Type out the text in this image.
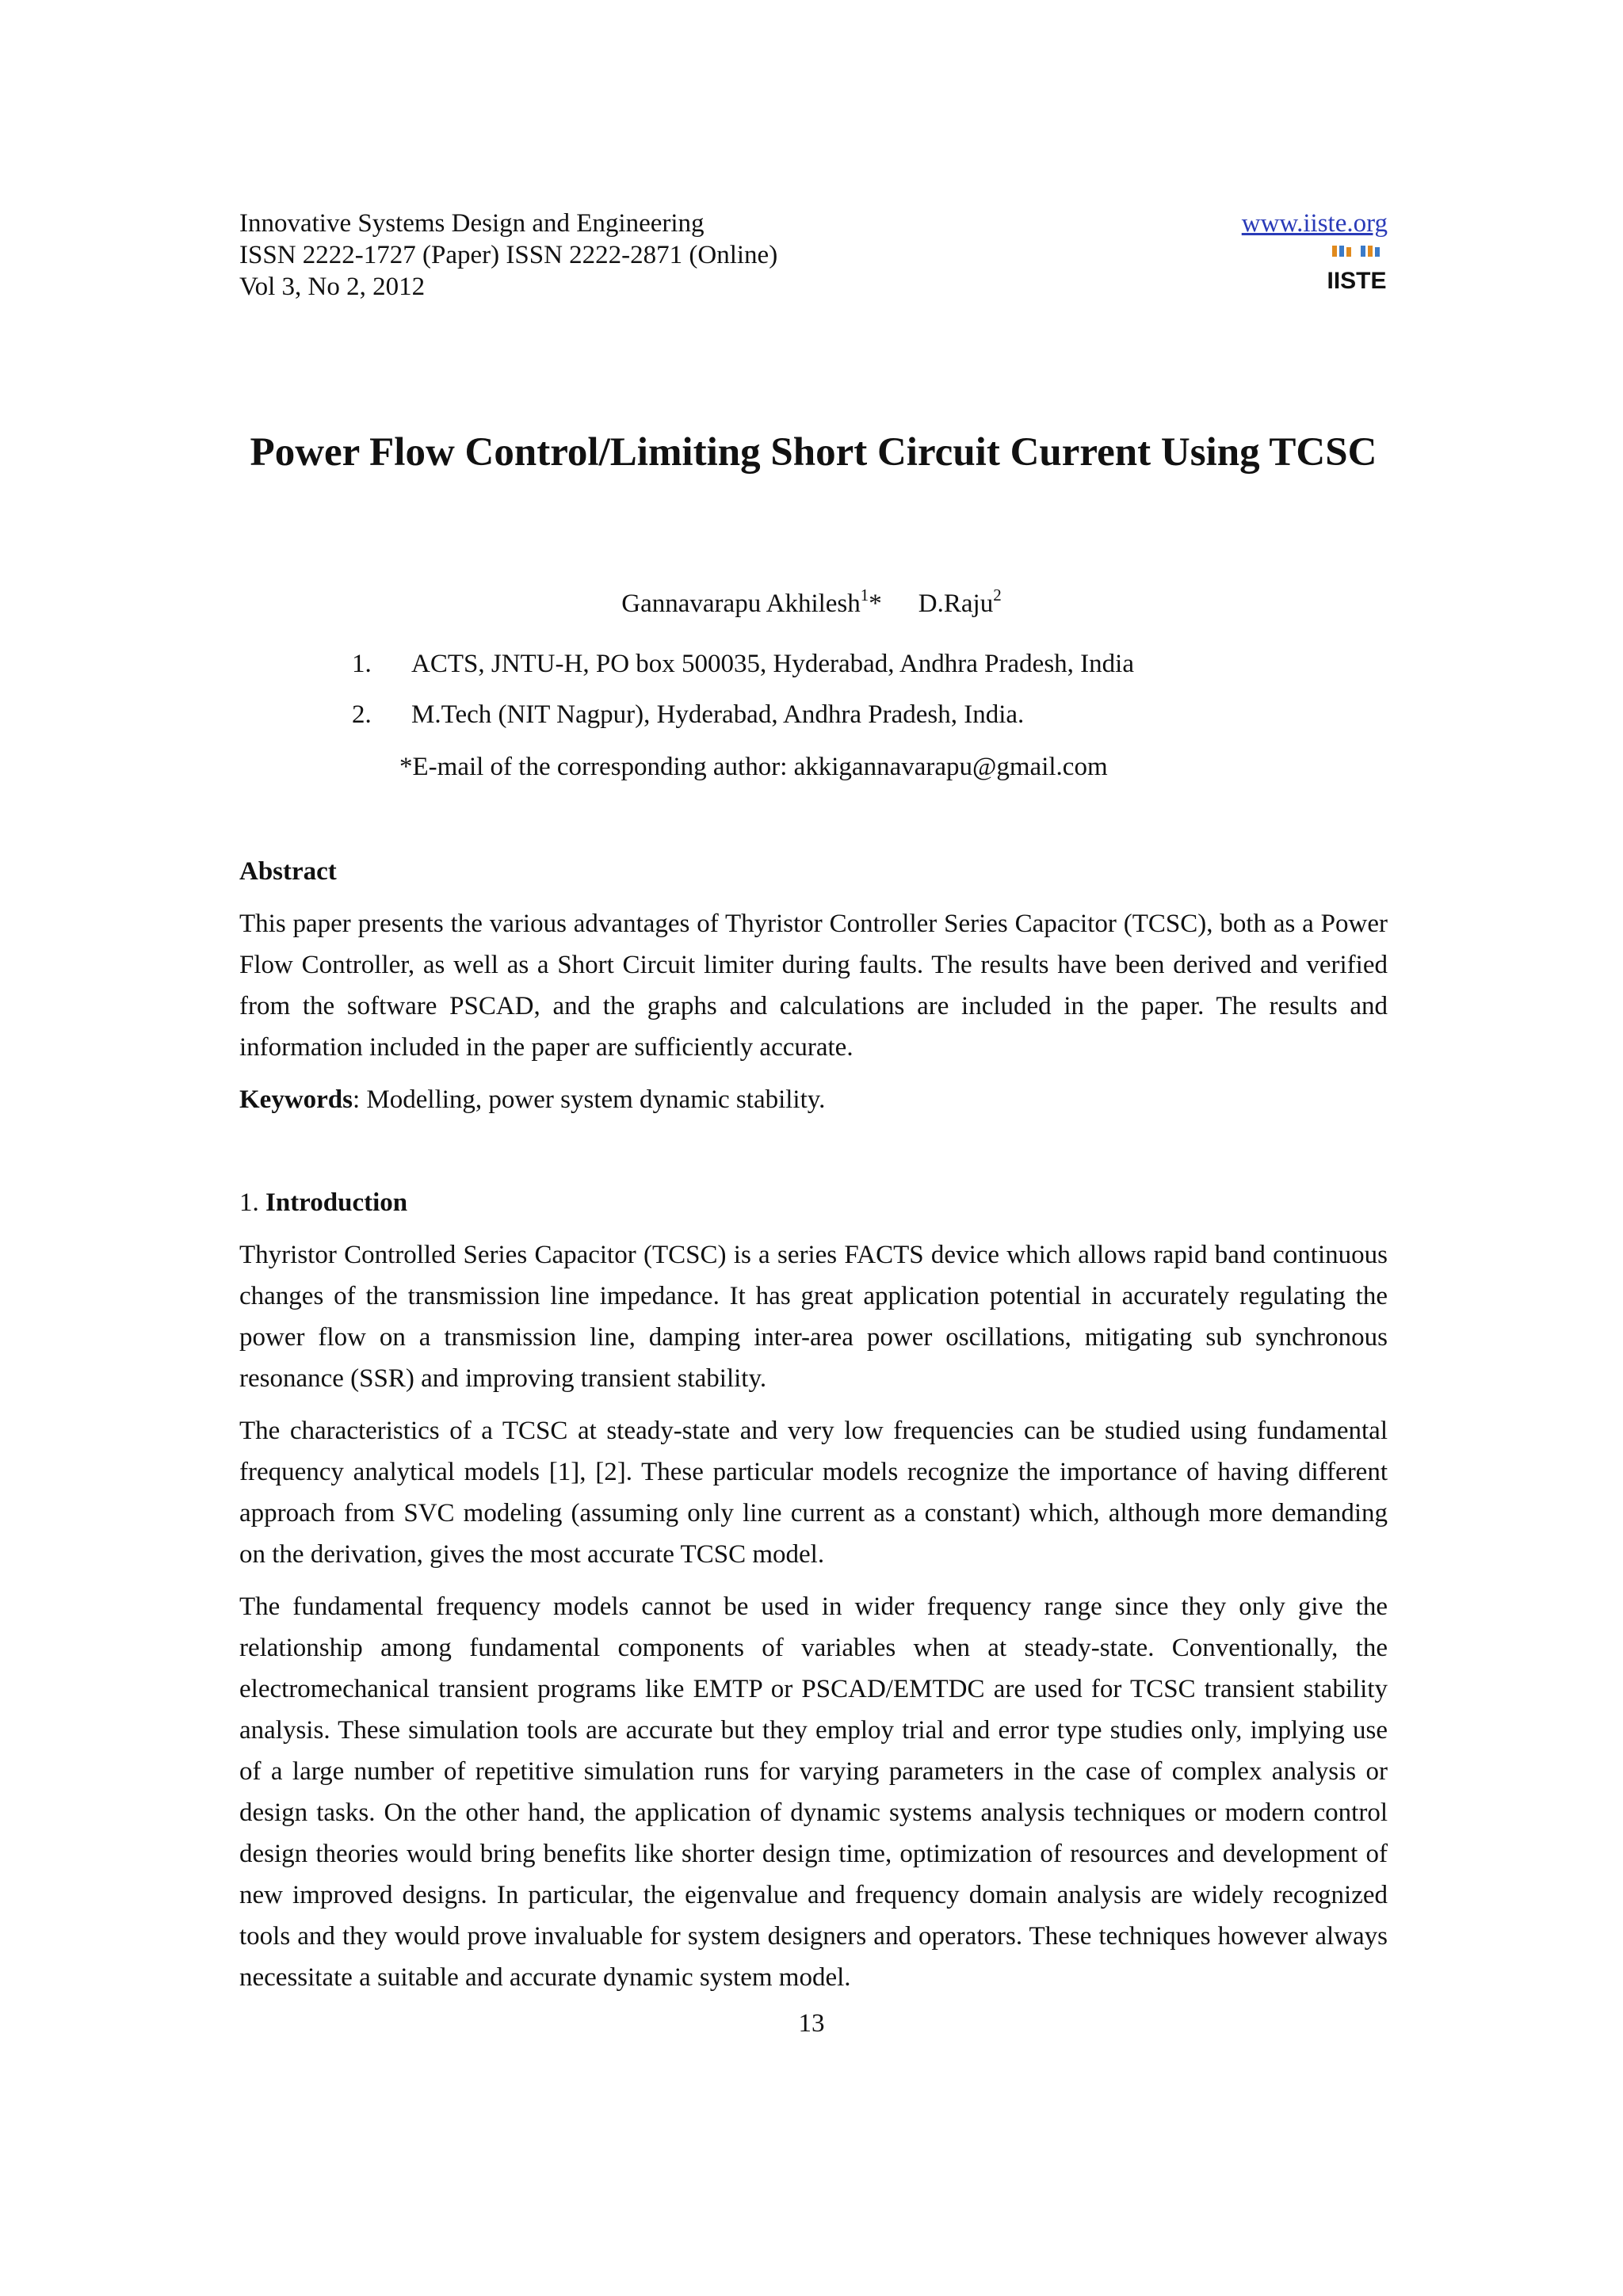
Innovative Systems Design and Engineering
ISSN 2222-1727 (Paper) ISSN 2222-2871 (Online)
Vol 3, No 2, 2012
www.iiste.org
IISTE
Power Flow Control/Limiting Short Circuit Current Using TCSC
Gannavarapu Akhilesh$^1$* D.Raju$^2$
1. ACTS, JNTU-H, PO box 500035, Hyderabad, Andhra Pradesh, India
2. M.Tech (NIT Nagpur), Hyderabad, Andhra Pradesh, India.
*E-mail of the corresponding author: akkigannavarapu@gmail.com
Abstract

This paper presents the various advantages of Thyristor Controller Series Capacitor (TCSC), both as a Power Flow Controller, as well as a Short Circuit limiter during faults. The results have been derived and verified from the software PSCAD, and the graphs and calculations are included in the paper. The results and information included in the paper are sufficiently accurate.

Keywords: Modelling, power system dynamic stability.
1. Introduction

Thyristor Controlled Series Capacitor (TCSC) is a series FACTS device which allows rapid band continuous changes of the transmission line impedance. It has great application potential in accurately regulating the power flow on a transmission line, damping inter-area power oscillations, mitigating sub synchronous resonance (SSR) and improving transient stability.

The characteristics of a TCSC at steady-state and very low frequencies can be studied using fundamental frequency analytical models [1], [2]. These particular models recognize the importance of having different approach from SVC modeling (assuming only line current as a constant) which, although more demanding on the derivation, gives the most accurate TCSC model.

The fundamental frequency models cannot be used in wider frequency range since they only give the relationship among fundamental components of variables when at steady-state. Conventionally, the electromechanical transient programs like EMTP or PSCAD/EMTDC are used for TCSC transient stability analysis. These simulation tools are accurate but they employ trial and error type studies only, implying use of a large number of repetitive simulation runs for varying parameters in the case of complex analysis or design tasks. On the other hand, the application of dynamic systems analysis techniques or modern control design theories would bring benefits like shorter design time, optimization of resources and development of new improved designs. In particular, the eigenvalue and frequency domain analysis are widely recognized tools and they would prove invaluable for system designers and operators. These techniques however always necessitate a suitable and accurate dynamic system model.

13
